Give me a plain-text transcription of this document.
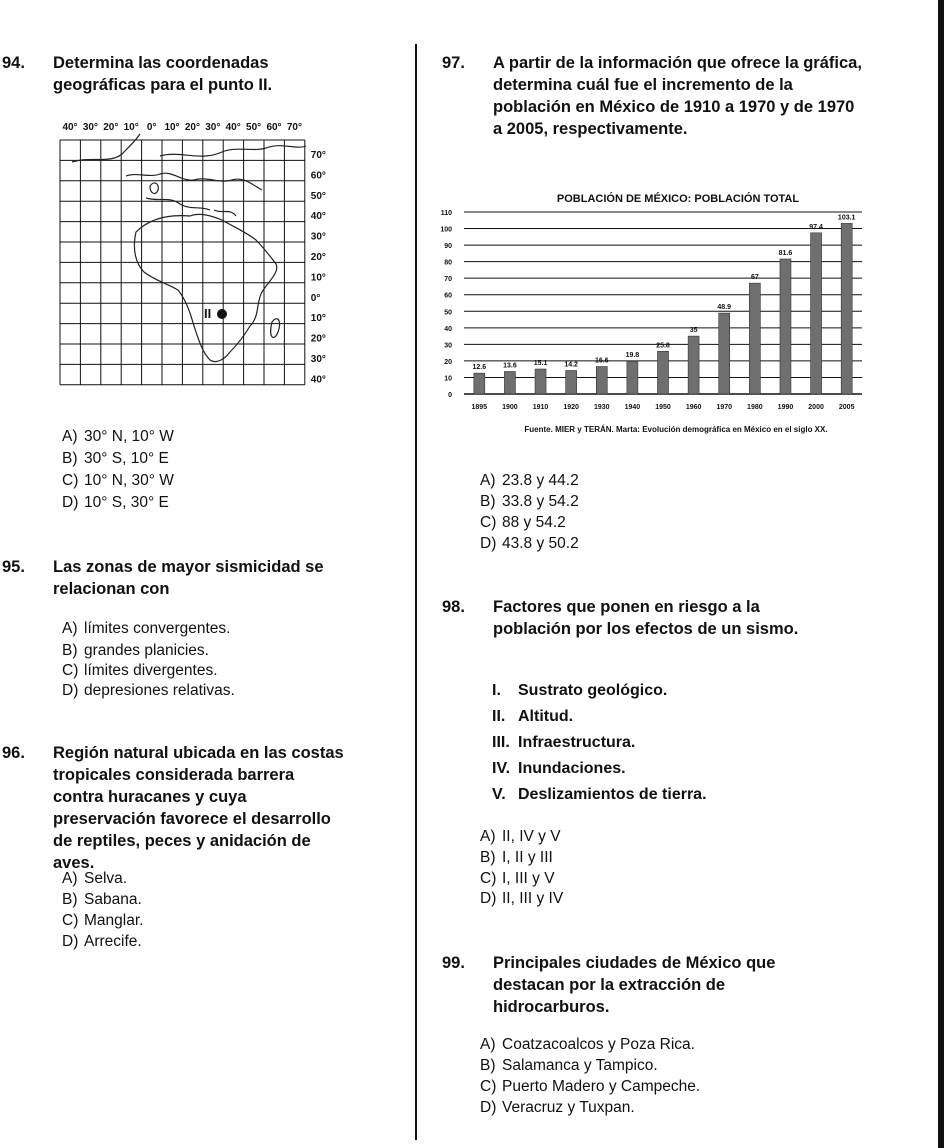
94. Determina las coordenadas geográficas para el punto II.
40° 30° 20° 10° 0° 10° 20° 30° 40° 50° 60° 70°
70°
60°
50°
40°
30°
20°
10°
0°
10°
20°
30°
40°
II
A) 30° N, 10° W
B) 30° S, 10° E
C) 10° N, 30° W
D) 10° S, 30° E
95. Las zonas de mayor sismicidad se relacionan con
A) límites convergentes.
B) grandes planicies.
C) límites divergentes.
D) depresiones relativas.
96. Región natural ubicada en las costas tropicales considerada barrera contra huracanes y cuya preservación favorece el desarrollo de reptiles, peces y anidación de aves.
A) Selva.
B) Sabana.
C) Manglar.
D) Arrecife.
97. A partir de la información que ofrece la gráfica, determina cuál fue el incremento de la población en México de 1910 a 1970 y de 1970 a 2005, respectivamente.
POBLACIÓN DE MÉXICO: POBLACIÓN TOTAL
0
10
20
30
40
50
60
70
80
90
100
110
12.6 13.6 15.1 14.2
16.6
19.8
25.8
35
48.9
67
81.6
97.4
103.1
1895 1900 1910 1920 1930 1940 1950 1960 1970 1980 1990 2000 2005
Fuente. MIER y TERÁN. Marta: Evolución demográfica en México en el siglo XX.
A) 23.8 y 44.2
B) 33.8 y 54.2
C) 88 y 54.2
D) 43.8 y 50.2
98. Factores que ponen en riesgo a la población por los efectos de un sismo.
I. Sustrato geológico.
II. Altitud.
III. Infraestructura.
IV. Inundaciones.
V. Deslizamientos de tierra.
A) II, IV y V
B) I, II y III
C) I, III y V
D) II, III y IV
99. Principales ciudades de México que destacan por la extracción de hidrocarburos.
A) Coatzacoalcos y Poza Rica.
B) Salamanca y Tampico.
C) Puerto Madero y Campeche.
D) Veracruz y Tuxpan.
